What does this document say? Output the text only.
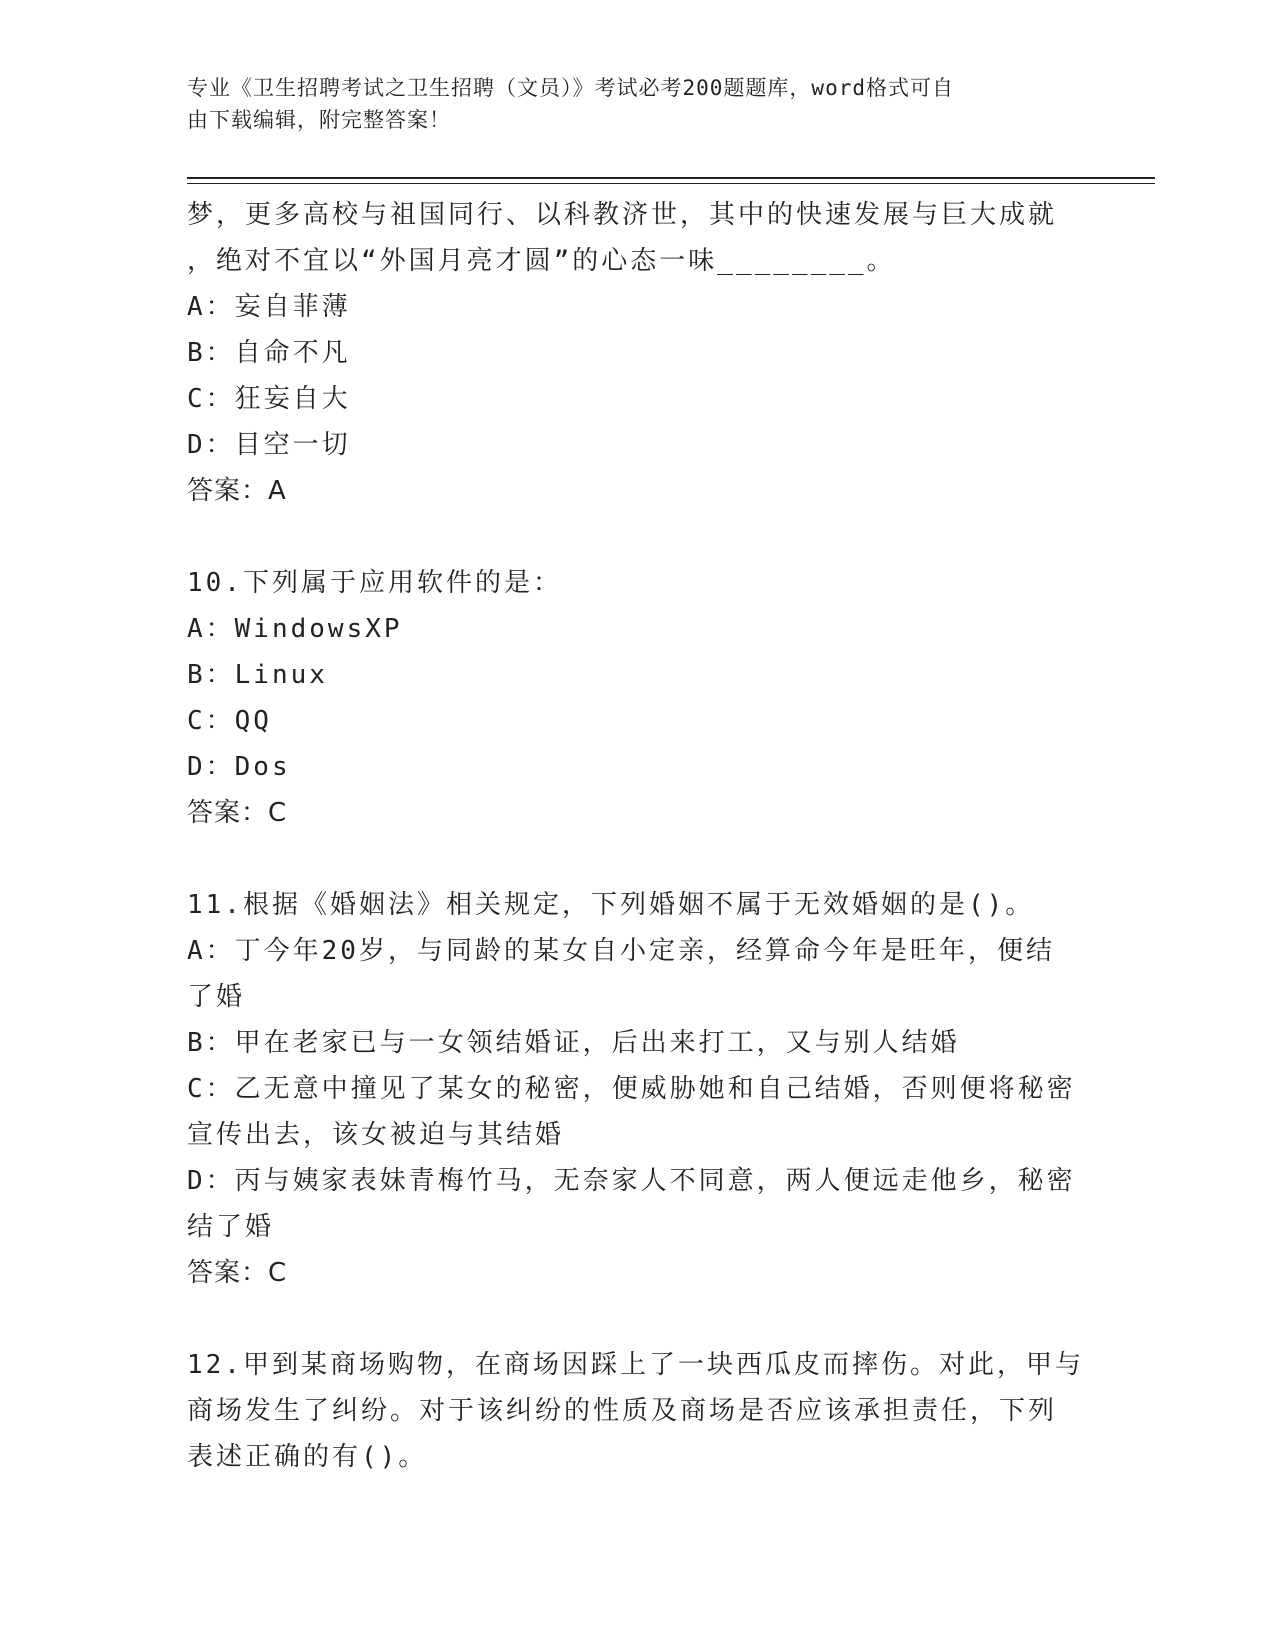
专业《卫生招聘考试之卫生招聘（文员）》考试必考200题题库，word格式可自
由下载编辑，附完整答案！
梦，更多高校与祖国同行、以科教济世，其中的快速发展与巨大成就
，绝对不宜以“外国月亮才圆”的心态一味________。
A：妄自菲薄
B：自命不凡
C：狂妄自大
D：目空一切
答案：A
10.下列属于应用软件的是：
A：WindowsXP
B：Linux
C：QQ
D：Dos
答案：C
11.根据《婚姻法》相关规定，下列婚姻不属于无效婚姻的是()。
A：丁今年20岁，与同龄的某女自小定亲，经算命今年是旺年，便结
了婚
B：甲在老家已与一女领结婚证，后出来打工，又与别人结婚
C：乙无意中撞见了某女的秘密，便威胁她和自己结婚，否则便将秘密
宣传出去，该女被迫与其结婚
D：丙与姨家表妹青梅竹马，无奈家人不同意，两人便远走他乡，秘密
结了婚
答案：C
12.甲到某商场购物，在商场因踩上了一块西瓜皮而摔伤。对此，甲与
商场发生了纠纷。对于该纠纷的性质及商场是否应该承担责任，下列
表述正确的有()。
